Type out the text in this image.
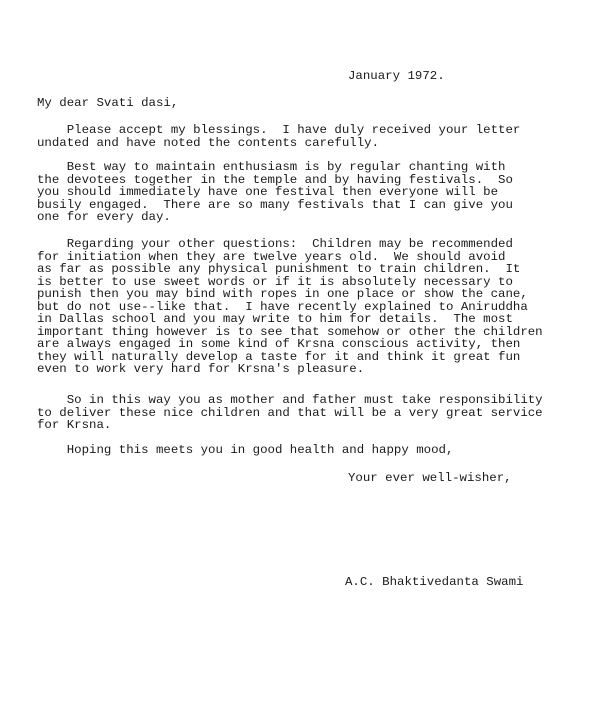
January 1972.
My dear Svati dasi,
Please accept my blessings.  I have duly received your letter
undated and have noted the contents carefully.
Best way to maintain enthusiasm is by regular chanting with
the devotees together in the temple and by having festivals.  So
you should immediately have one festival then everyone will be
busily engaged.  There are so many festivals that I can give you
one for every day.
Regarding your other questions:  Children may be recommended
for initiation when they are twelve years old.  We should avoid
as far as possible any physical punishment to train children.  It
is better to use sweet words or if it is absolutely necessary to
punish then you may bind with ropes in one place or show the cane,
but do not use--like that.  I have recently explained to Aniruddha
in Dallas school and you may write to him for details.  The most
important thing however is to see that somehow or other the children
are always engaged in some kind of Krsna conscious activity, then
they will naturally develop a taste for it and think it great fun
even to work very hard for Krsna's pleasure.
So in this way you as mother and father must take responsibility
to deliver these nice children and that will be a very great service
for Krsna.
Hoping this meets you in good health and happy mood,
Your ever well-wisher,
A.C. Bhaktivedanta Swami
